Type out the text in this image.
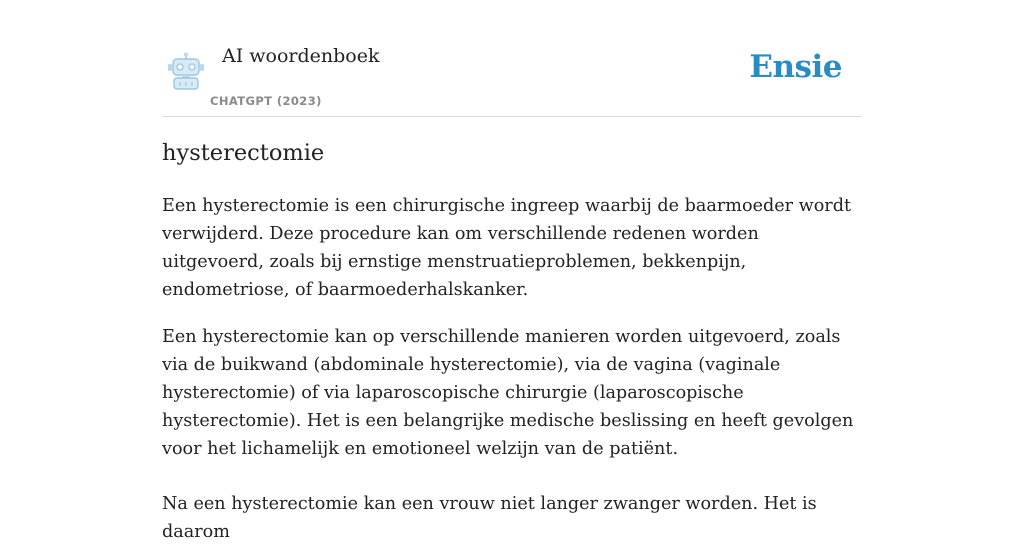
AI woordenboek
CHATGPT (2023)
Ensie
hysterectomie

Een hysterectomie is een chirurgische ingreep waarbij de baarmoeder wordt verwijderd. Deze procedure kan om verschillende redenen worden uitgevoerd, zoals bij ernstige menstruatieproblemen, bekkenpijn, endometriose, of baarmoederhalskanker.

Een hysterectomie kan op verschillende manieren worden uitgevoerd, zoals via de buikwand (abdominale hysterectomie), via de vagina (vaginale hysterectomie) of via laparoscopische chirurgie (laparoscopische hysterectomie). Het is een belangrijke medische beslissing en heeft gevolgen voor het lichamelijk en emotioneel welzijn van de patiënt.

Na een hysterectomie kan een vrouw niet langer zwanger worden. Het is daarom
